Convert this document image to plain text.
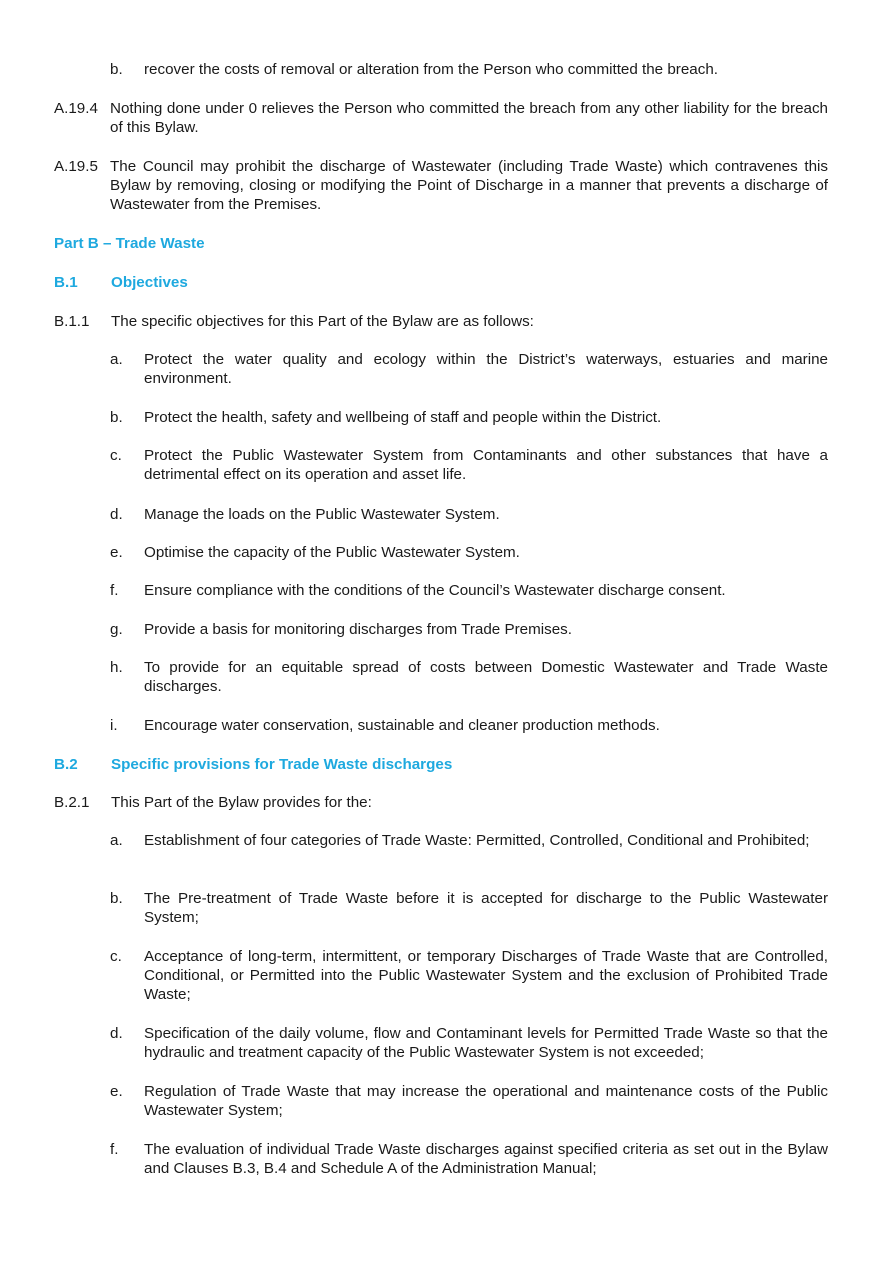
b. recover the costs of removal or alteration from the Person who committed the breach.
A.19.4 Nothing done under 0 relieves the Person who committed the breach from any other liability for the breach of this Bylaw.
A.19.5 The Council may prohibit the discharge of Wastewater (including Trade Waste) which contravenes this Bylaw by removing, closing or modifying the Point of Discharge in a manner that prevents a discharge of Wastewater from the Premises.
Part B – Trade Waste
B.1 Objectives
B.1.1 The specific objectives for this Part of the Bylaw are as follows:
a. Protect the water quality and ecology within the District’s waterways, estuaries and marine environment.
b. Protect the health, safety and wellbeing of staff and people within the District.
c. Protect the Public Wastewater System from Contaminants and other substances that have a detrimental effect on its operation and asset life.
d. Manage the loads on the Public Wastewater System.
e. Optimise the capacity of the Public Wastewater System.
f. Ensure compliance with the conditions of the Council’s Wastewater discharge consent.
g. Provide a basis for monitoring discharges from Trade Premises.
h. To provide for an equitable spread of costs between Domestic Wastewater and Trade Waste discharges.
i. Encourage water conservation, sustainable and cleaner production methods.
B.2 Specific provisions for Trade Waste discharges
B.2.1 This Part of the Bylaw provides for the:
a. Establishment of four categories of Trade Waste: Permitted, Controlled, Conditional and Prohibited;
b. The Pre-treatment of Trade Waste before it is accepted for discharge to the Public Wastewater System;
c. Acceptance of long-term, intermittent, or temporary Discharges of Trade Waste that are Controlled, Conditional, or Permitted into the Public Wastewater System and the exclusion of Prohibited Trade Waste;
d. Specification of the daily volume, flow and Contaminant levels for Permitted Trade Waste so that the hydraulic and treatment capacity of the Public Wastewater System is not exceeded;
e. Regulation of Trade Waste that may increase the operational and maintenance costs of the Public Wastewater System;
f. The evaluation of individual Trade Waste discharges against specified criteria as set out in the Bylaw and Clauses B.3, B.4 and Schedule A of the Administration Manual;
